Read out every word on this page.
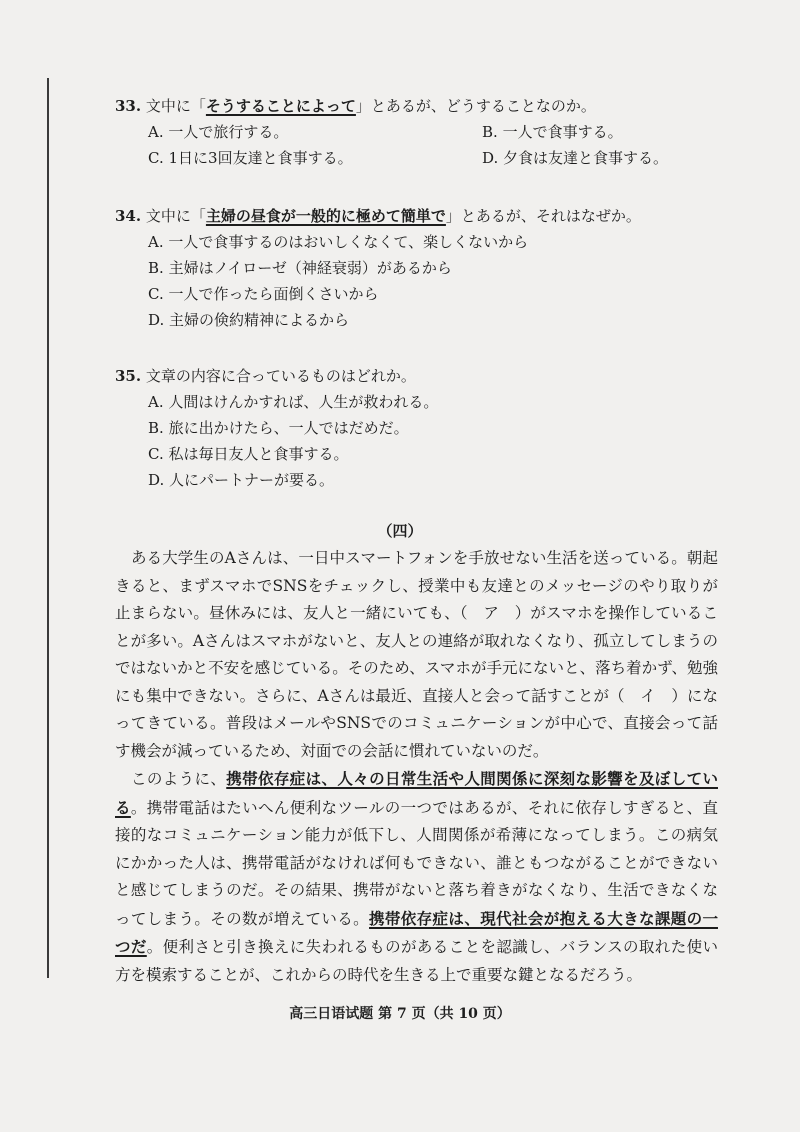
33. 文中に「そうすることによって」とあるが、どうすることなのか。
A. 一人で旅行する。	B. 一人で食事する。
C. 1日に3回友達と食事する。	D. 夕食は友達と食事する。
34. 文中に「主婦の昼食が一般的に極めて簡単で」とあるが、それはなぜか。
A. 一人で食事するのはおいしくなくて、楽しくないから
B. 主婦はノイローゼ（神経衰弱）があるから
C. 一人で作ったら面倒くさいから
D. 主婦の倹約精神によるから
35. 文章の内容に合っているものはどれか。
A. 人間はけんかすれば、人生が救われる。
B. 旅に出かけたら、一人ではだめだ。
C. 私は毎日友人と食事する。
D. 人にパートナーが要る。
（四）
ある大学生のAさんは、一日中スマートフォンを手放せない生活を送っている。朝起きると、まずスマホでSNSをチェックし、授業中も友達とのメッセージのやり取りが止まらない。昼休みには、友人と一緒にいても、（　ア　）がスマホを操作していることが多い。Aさんはスマホがないと、友人との連絡が取れなくなり、孤立してしまうのではないかと不安を感じている。そのため、スマホが手元にないと、落ち着かず、勉強にも集中できない。さらに、Aさんは最近、直接人と会って話すことが（　イ　）になってきている。普段はメールやSNSでのコミュニケーションが中心で、直接会って話す機会が減っているため、対面での会話に慣れていないのだ。
このように、携帯依存症は、人々の日常生活や人間関係に深刻な影響を及ぼしている。携帯電話はたいへん便利なツールの一つではあるが、それに依存しすぎると、直接的なコミュニケーション能力が低下し、人間関係が希薄になってしまう。この病気にかかった人は、携帯電話がなければ何もできない、誰ともつながることができないと感じてしまうのだ。その結果、携帯がないと落ち着きがなくなり、生活できなくなってしまう。その数が増えている。携帯依存症は、現代社会が抱える大きな課題の一つだ。便利さと引き換えに失われるものがあることを認識し、バランスの取れた使い方を模索することが、これからの時代を生きる上で重要な鍵となるだろう。
高三日语试题 第 7 页（共 10 页）
